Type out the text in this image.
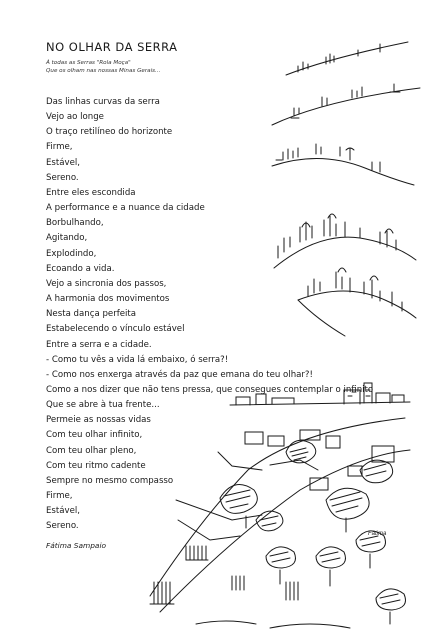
NO OLHAR DA SERRA
À todas as Serras "Rola Moça"
Que os olham nas nossas Minas Gerais...
Das linhas curvas da serra
Vejo ao longe
O traço retilíneo do horizonte
Firme,
Estável,
Sereno.
Entre eles escondida
A performance e a nuance da cidade
Borbulhando,
Agitando,
Explodindo,
Ecoando a vida.
Vejo a sincronia dos passos,
A harmonia dos movimentos
Nesta dança perfeita
Estabelecendo o vínculo estável
Entre a serra e a cidade.
- Como tu vês a vida lá embaixo, ó serra?!
- Como nos enxerga através da paz que emana do teu olhar?!
Como a nos dizer que não tens pressa, que consegues contemplar o infinito
Que se abre à tua frente...
Permeie as nossas vidas
Com teu olhar infinito,
Com teu olhar pleno,
Com teu ritmo cadente
Sempre no mesmo compasso
Firme,
Estável,
Sereno.
Fátima Sampaio
Fátima
